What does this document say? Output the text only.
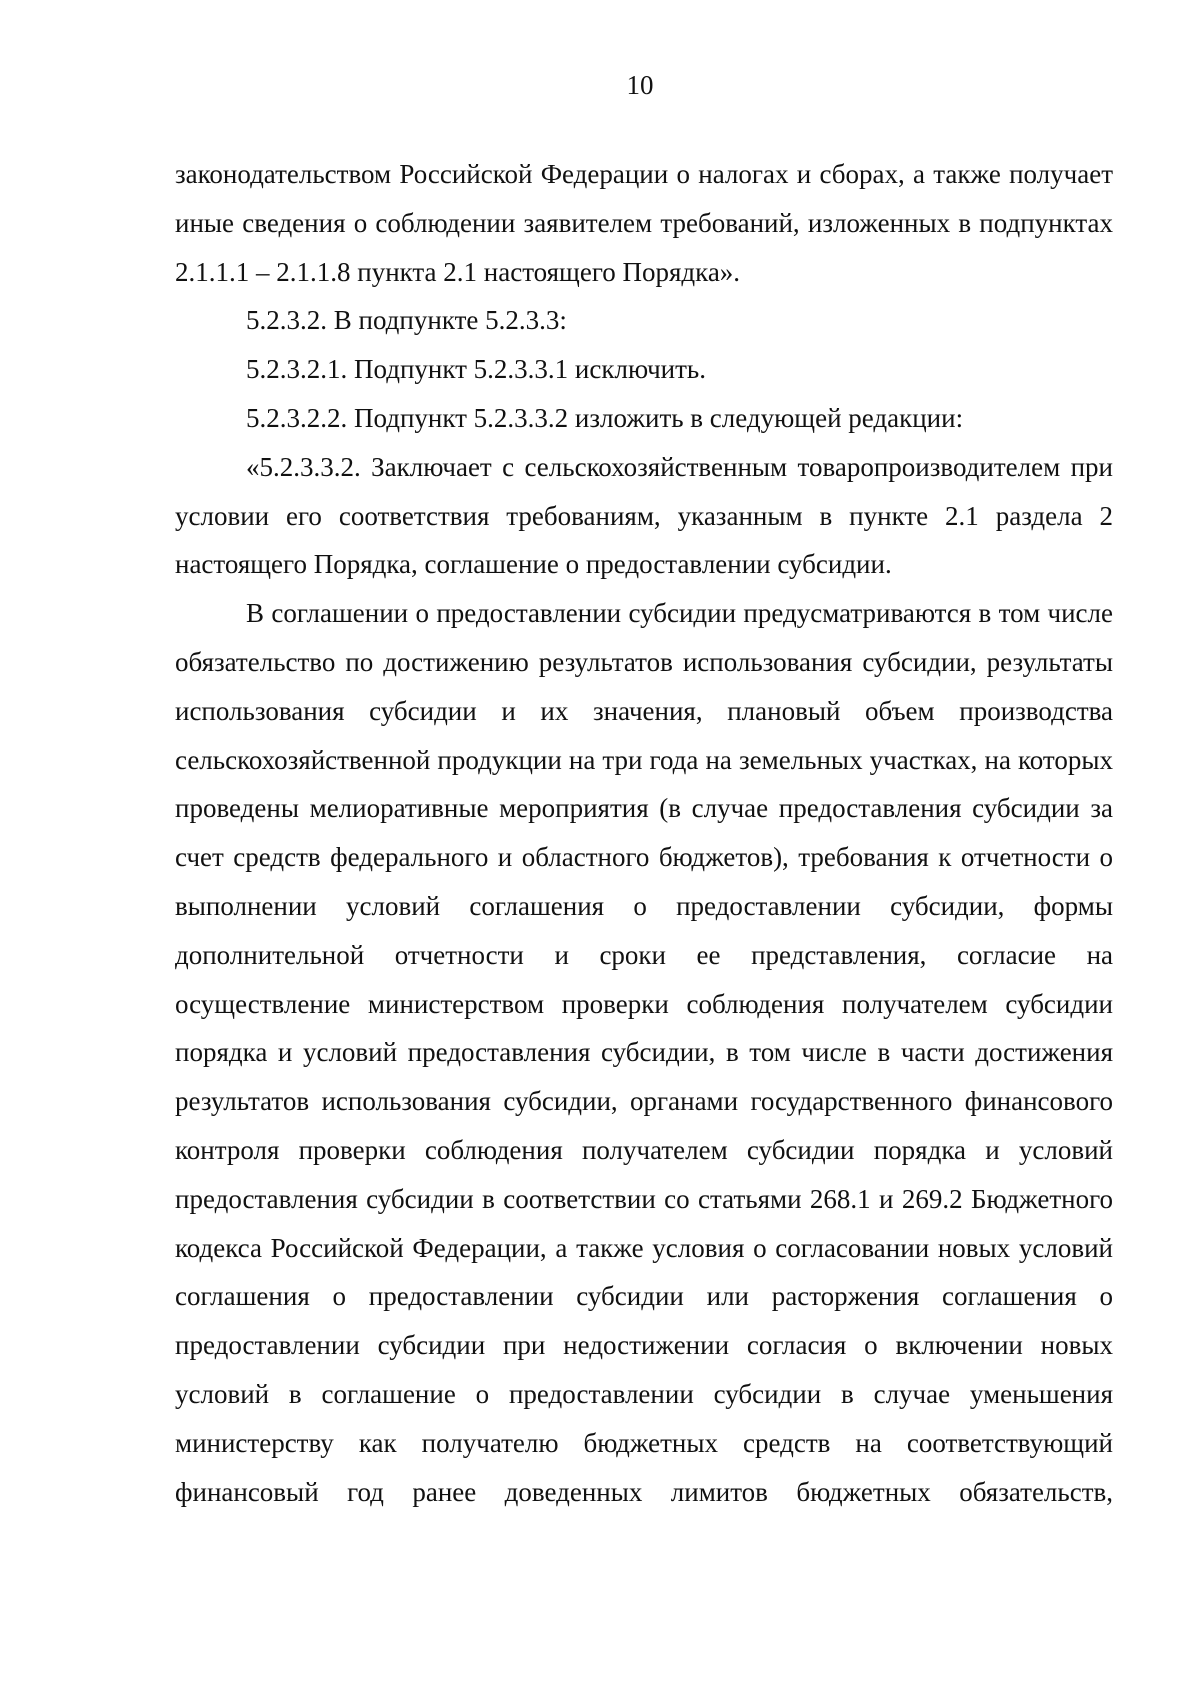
10

законодательством Российской Федерации о налогах и сборах, а также получает иные сведения о соблюдении заявителем требований, изложенных в подпунктах 2.1.1.1 – 2.1.1.8 пункта 2.1 настоящего Порядка».

5.2.3.2. В подпункте 5.2.3.3:

5.2.3.2.1. Подпункт 5.2.3.3.1 исключить.

5.2.3.2.2. Подпункт 5.2.3.3.2 изложить в следующей редакции:

«5.2.3.3.2. Заключает с сельскохозяйственным товаропроизводителем при условии его соответствия требованиям, указанным в пункте 2.1 раздела 2 настоящего Порядка, соглашение о предоставлении субсидии.

В соглашении о предоставлении субсидии предусматриваются в том числе обязательство по достижению результатов использования субсидии, результаты использования субсидии и их значения, плановый объем производства сельскохозяйственной продукции на три года на земельных участках, на которых проведены мелиоративные мероприятия (в случае предоставления субсидии за счет средств федерального и областного бюджетов), требования к отчетности о выполнении условий соглашения о предоставлении субсидии, формы дополнительной отчетности и сроки ее представления, согласие на осуществление министерством проверки соблюдения получателем субсидии порядка и условий предоставления субсидии, в том числе в части достижения результатов использования субсидии, органами государственного финансового контроля проверки соблюдения получателем субсидии порядка и условий предоставления субсидии в соответствии со статьями 268.1 и 269.2 Бюджетного кодекса Российской Федерации, а также условия о согласовании новых условий соглашения о предоставлении субсидии или расторжения соглашения о предоставлении субсидии при недостижении согласия о включении новых условий в соглашение о предоставлении субсидии в случае уменьшения министерству как получателю бюджетных средств на соответствующий финансовый год ранее доведенных лимитов бюджетных обязательств,
